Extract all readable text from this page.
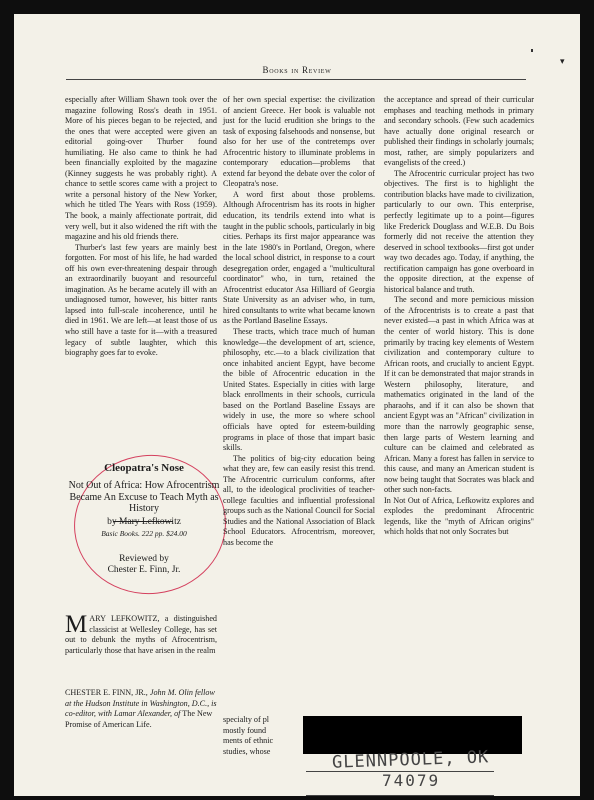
▾
Books in Review

especially after William Shawn took over the magazine following Ross's death in 1951. More of his pieces began to be rejected, and the ones that were accepted were given an editorial going-over Thurber found humiliating. He also came to think he had been financially exploited by the magazine (Kinney suggests he was probably right). A chance to settle scores came with a project to write a personal history of the New Yorker, which he titled The Years with Ross (1959). The book, a mainly affectionate portrait, did very well, but it also widened the rift with the magazine and his old friends there.

Thurber's last few years are mainly best forgotten. For most of his life, he had warded off his own ever-threatening despair through an extraordinarily buoyant and resourceful imagination. As he became acutely ill with an undiagnosed tumor, however, his bitter rants lapsed into full-scale incoherence, until he died in 1961. We are left—at least those of us who still have a taste for it—with a treasured legacy of subtle laughter, which this biography goes far to evoke.

Cleopatra's Nose
Not Out of Africa: How Afrocentrism Became An Excuse to Teach Myth as History
by Mary Lefkowitz
Basic Books. 222 pp. $24.00
Reviewed by
Chester E. Finn, Jr.
MARY LEFKOWITZ, a distinguished classicist at Wellesley College, has set out to debunk the myths of Afrocentrism, particularly those that have arisen in the realm
CHESTER E. FINN, JR., John M. Olin fellow at the Hudson Institute in Washington, D.C., is co-editor, with Lamar Alexander, of The New Promise of American Life.

of her own special expertise: the civilization of ancient Greece. Her book is valuable not just for the lucid erudition she brings to the task of exposing falsehoods and nonsense, but also for her use of the contretemps over Afrocentric history to illuminate problems in contemporary education—problems that extend far beyond the debate over the color of Cleopatra's nose.

A word first about those problems. Although Afrocentrism has its roots in higher education, its tendrils extend into what is taught in the public schools, particularly in big cities. Perhaps its first major appearance was in the late 1980's in Portland, Oregon, where the local school district, in response to a court desegregation order, engaged a "multicultural coordinator" who, in turn, retained the Afrocentrist educator Asa Hilliard of Georgia State University as an adviser who, in turn, hired consultants to write what became known as the Portland Baseline Essays.

These tracts, which trace much of human knowledge—the development of art, science, philosophy, etc.—to a black civilization that once inhabited ancient Egypt, have become the bible of Afrocentric education in the United States. Especially in cities with large black enrollments in their schools, curricula based on the Portland Baseline Essays are widely in use, the more so where school officials have opted for esteem-building programs in place of those that impart basic skills.

The politics of big-city education being what they are, few can easily resist this trend. The Afrocentric curriculum conforms, after all, to the ideological proclivities of teacher-college faculties and influential professional groups such as the National Council for Social Studies and the National Association of Black School Educators. Afrocentrism, moreover, has become the

specialty of pl
mostly found
ments of ethnic
studies, whose

the acceptance and spread of their curricular emphases and teaching methods in primary and secondary schools. (Few such academics have actually done original research or published their findings in scholarly journals; most, rather, are simply popularizers and evangelists of the creed.)

The Afrocentric curricular project has two objectives. The first is to highlight the contribution blacks have made to civilization, particularly to our own. This enterprise, perfectly legitimate up to a point—figures like Frederick Douglass and W.E.B. Du Bois formerly did not receive the attention they deserved in school textbooks—first got under way two decades ago. Today, if anything, the rectification campaign has gone overboard in the opposite direction, at the expense of historical balance and truth.

The second and more pernicious mission of the Afrocentrists is to create a past that never existed—a past in which Africa was at the center of world history. This is done primarily by tracing key elements of Western civilization and contemporary culture to African roots, and crucially to ancient Egypt. If it can be demonstrated that major strands in Western philosophy, literature, and mathematics originated in the land of the pharaohs, and if it can also be shown that ancient Egypt was an "African" civilization in more than the narrowly geographic sense, then large parts of Western learning and culture can be claimed and celebrated as African. Many a forest has fallen in service to this cause, and many an American student is now being taught that Socrates was black and other such non-facts.

In Not Out of Africa, Lefkowitz explores and explodes the predominant Afrocentric legends, like the "myth of African origins" which holds that not only Socrates but

GLENNPOOLE, OK
74079
